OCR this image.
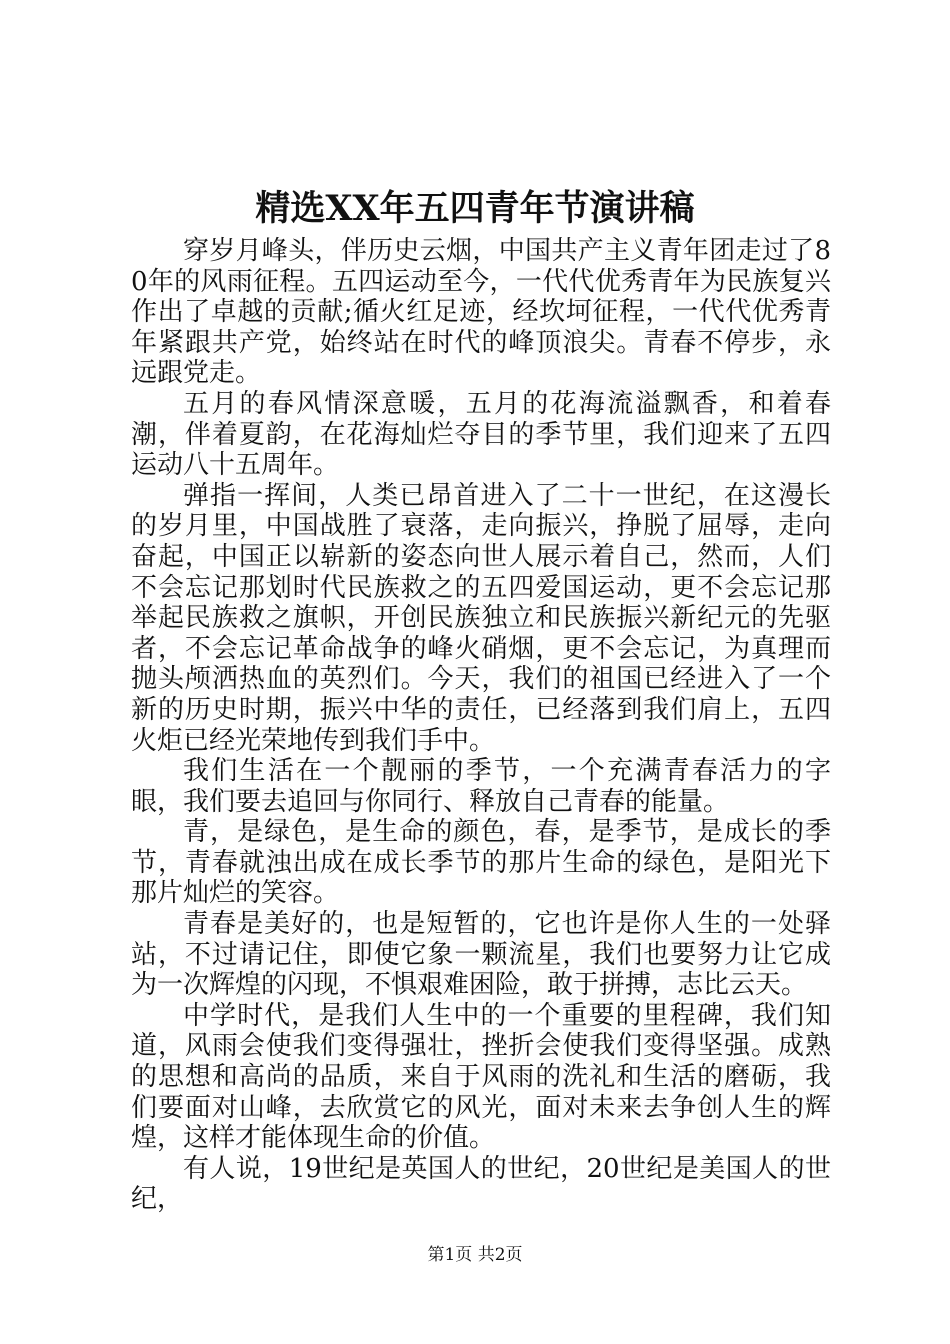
精选XX年五四青年节演讲稿

穿岁月峰头，伴历史云烟，中国共产主义青年团走过了80年的风雨征程。五四运动至今，一代代优秀青年为民族复兴作出了卓越的贡献;循火红足迹，经坎坷征程，一代代优秀青年紧跟共产党，始终站在时代的峰顶浪尖。青春不停步，永远跟党走。

五月的春风情深意暖，五月的花海流溢飘香，和着春潮，伴着夏韵，在花海灿烂夺目的季节里，我们迎来了五四运动八十五周年。

弹指一挥间，人类已昂首进入了二十一世纪，在这漫长的岁月里，中国战胜了衰落，走向振兴，挣脱了屈辱，走向奋起，中国正以崭新的姿态向世人展示着自己，然而，人们不会忘记那划时代民族救之的五四爱国运动，更不会忘记那举起民族救之旗帜，开创民族独立和民族振兴新纪元的先驱者，不会忘记革命战争的峰火硝烟，更不会忘记，为真理而抛头颅洒热血的英烈们。今天，我们的祖国已经进入了一个新的历史时期，振兴中华的责任，已经落到我们肩上，五四火炬已经光荣地传到我们手中。

我们生活在一个靓丽的季节，一个充满青春活力的字眼，我们要去追回与你同行、释放自己青春的能量。

青，是绿色，是生命的颜色，春，是季节，是成长的季节，青春就浊出成在成长季节的那片生命的绿色，是阳光下那片灿烂的笑容。

青春是美好的，也是短暂的，它也许是你人生的一处驿站，不过请记住，即使它象一颗流星，我们也要努力让它成为一次辉煌的闪现，不惧艰难困险，敢于拼搏，志比云天。

中学时代，是我们人生中的一个重要的里程碑，我们知道，风雨会使我们变得强壮，挫折会使我们变得坚强。成熟的思想和高尚的品质，来自于风雨的洗礼和生活的磨砺，我们要面对山峰，去欣赏它的风光，面对未来去争创人生的辉煌，这样才能体现生命的价值。

有人说，19世纪是英国人的世纪，20世纪是美国人的世纪，

第1页 共2页
